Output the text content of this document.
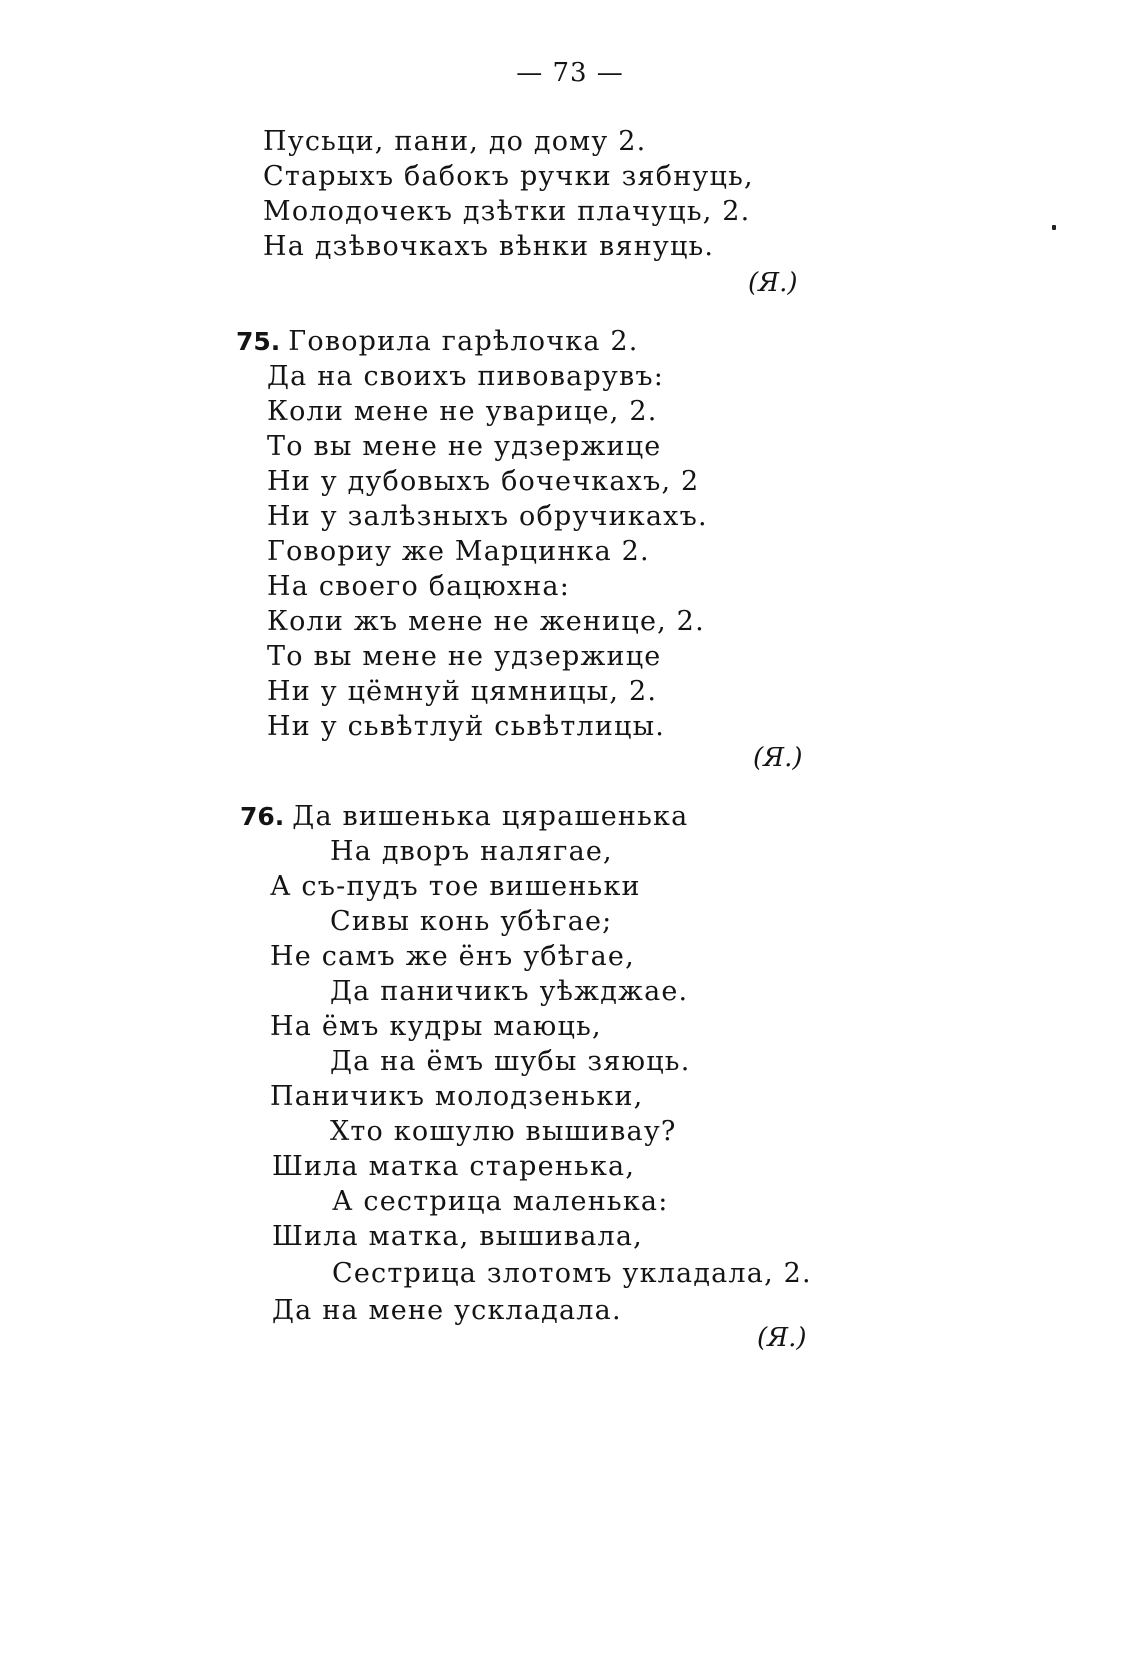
— 73 —
Пусьци, пани, до дому 2.
Старыхъ бабокъ ручки зябнуць,
Молодочекъ дзѣтки плачуць, 2.
На дзѣвочкахъ вѣнки вянуць.
(Я.)
75. Говорила гарѣлочка 2.
Да на своихъ пивоварувъ:
Коли мене не уварице, 2.
То вы мене не удзержице
Ни у дубовыхъ бочечкахъ, 2
Ни у залѣзныхъ обручикахъ.
Говориу же Марцинка 2.
На своего бацюхна:
Коли жъ мене не женице, 2.
То вы мене не удзержице
Ни у цёмнуй цямницы, 2.
Ни у сьвѣтлуй сьвѣтлицы.
(Я.)
76. Да вишенька цярашенька
На дворъ налягае,
А съ-пудъ тое вишеньки
Сивы конь убѣгае;
Не самъ же ёнъ убѣгае,
Да паничикъ уѣжджае.
На ёмъ кудры маюць,
Да на ёмъ шубы зяюць.
Паничикъ молодзеньки,
Хто кошулю вышивау?
Шила матка старенька,
А сестрица маленька:
Шила матка, вышивала,
Сестрица злотомъ укладала, 2.
Да на мене ускладала.
(Я.)
